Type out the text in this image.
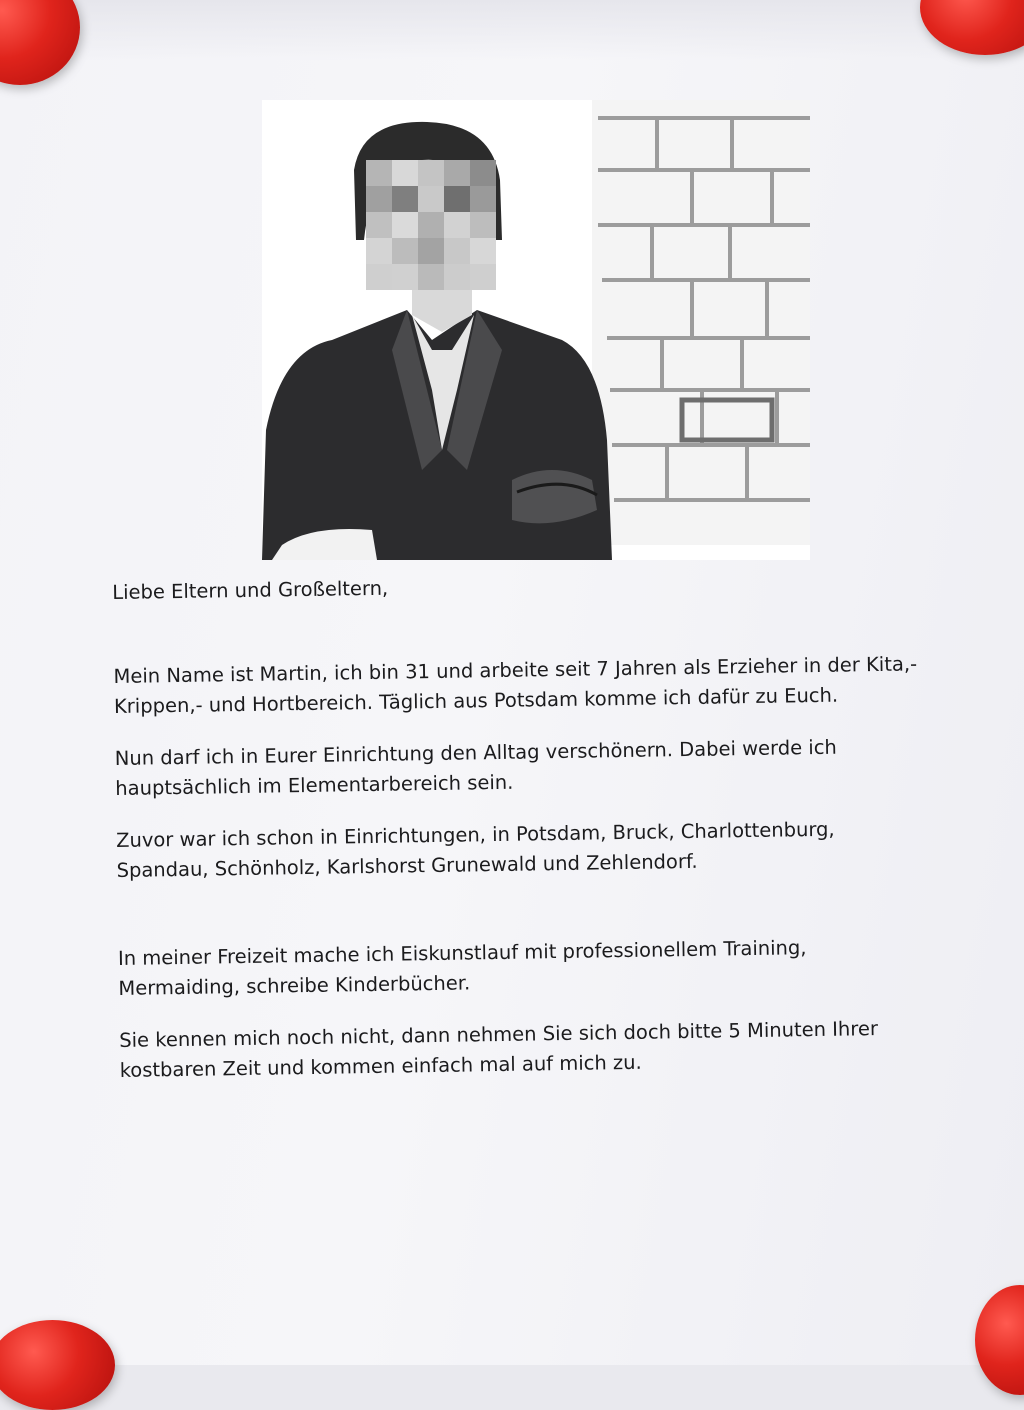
Liebe Eltern und Großeltern,

Mein Name ist Martin, ich bin 31 und arbeite seit 7 Jahren als Erzieher in der Kita,-Krippen,- und Hortbereich. Täglich aus Potsdam komme ich dafür zu Euch.

Nun darf ich in Eurer Einrichtung den Alltag verschönern. Dabei werde ich hauptsächlich im Elementarbereich sein.

Zuvor war ich schon in Einrichtungen, in Potsdam, Bruck, Charlottenburg, Spandau, Schönholz, Karlshorst Grunewald und Zehlendorf.

In meiner Freizeit mache ich Eiskunstlauf mit professionellem Training, Mermaiding, schreibe Kinderbücher.

Sie kennen mich noch nicht, dann nehmen Sie sich doch bitte 5 Minuten Ihrer kostbaren Zeit und kommen einfach mal auf mich zu.
